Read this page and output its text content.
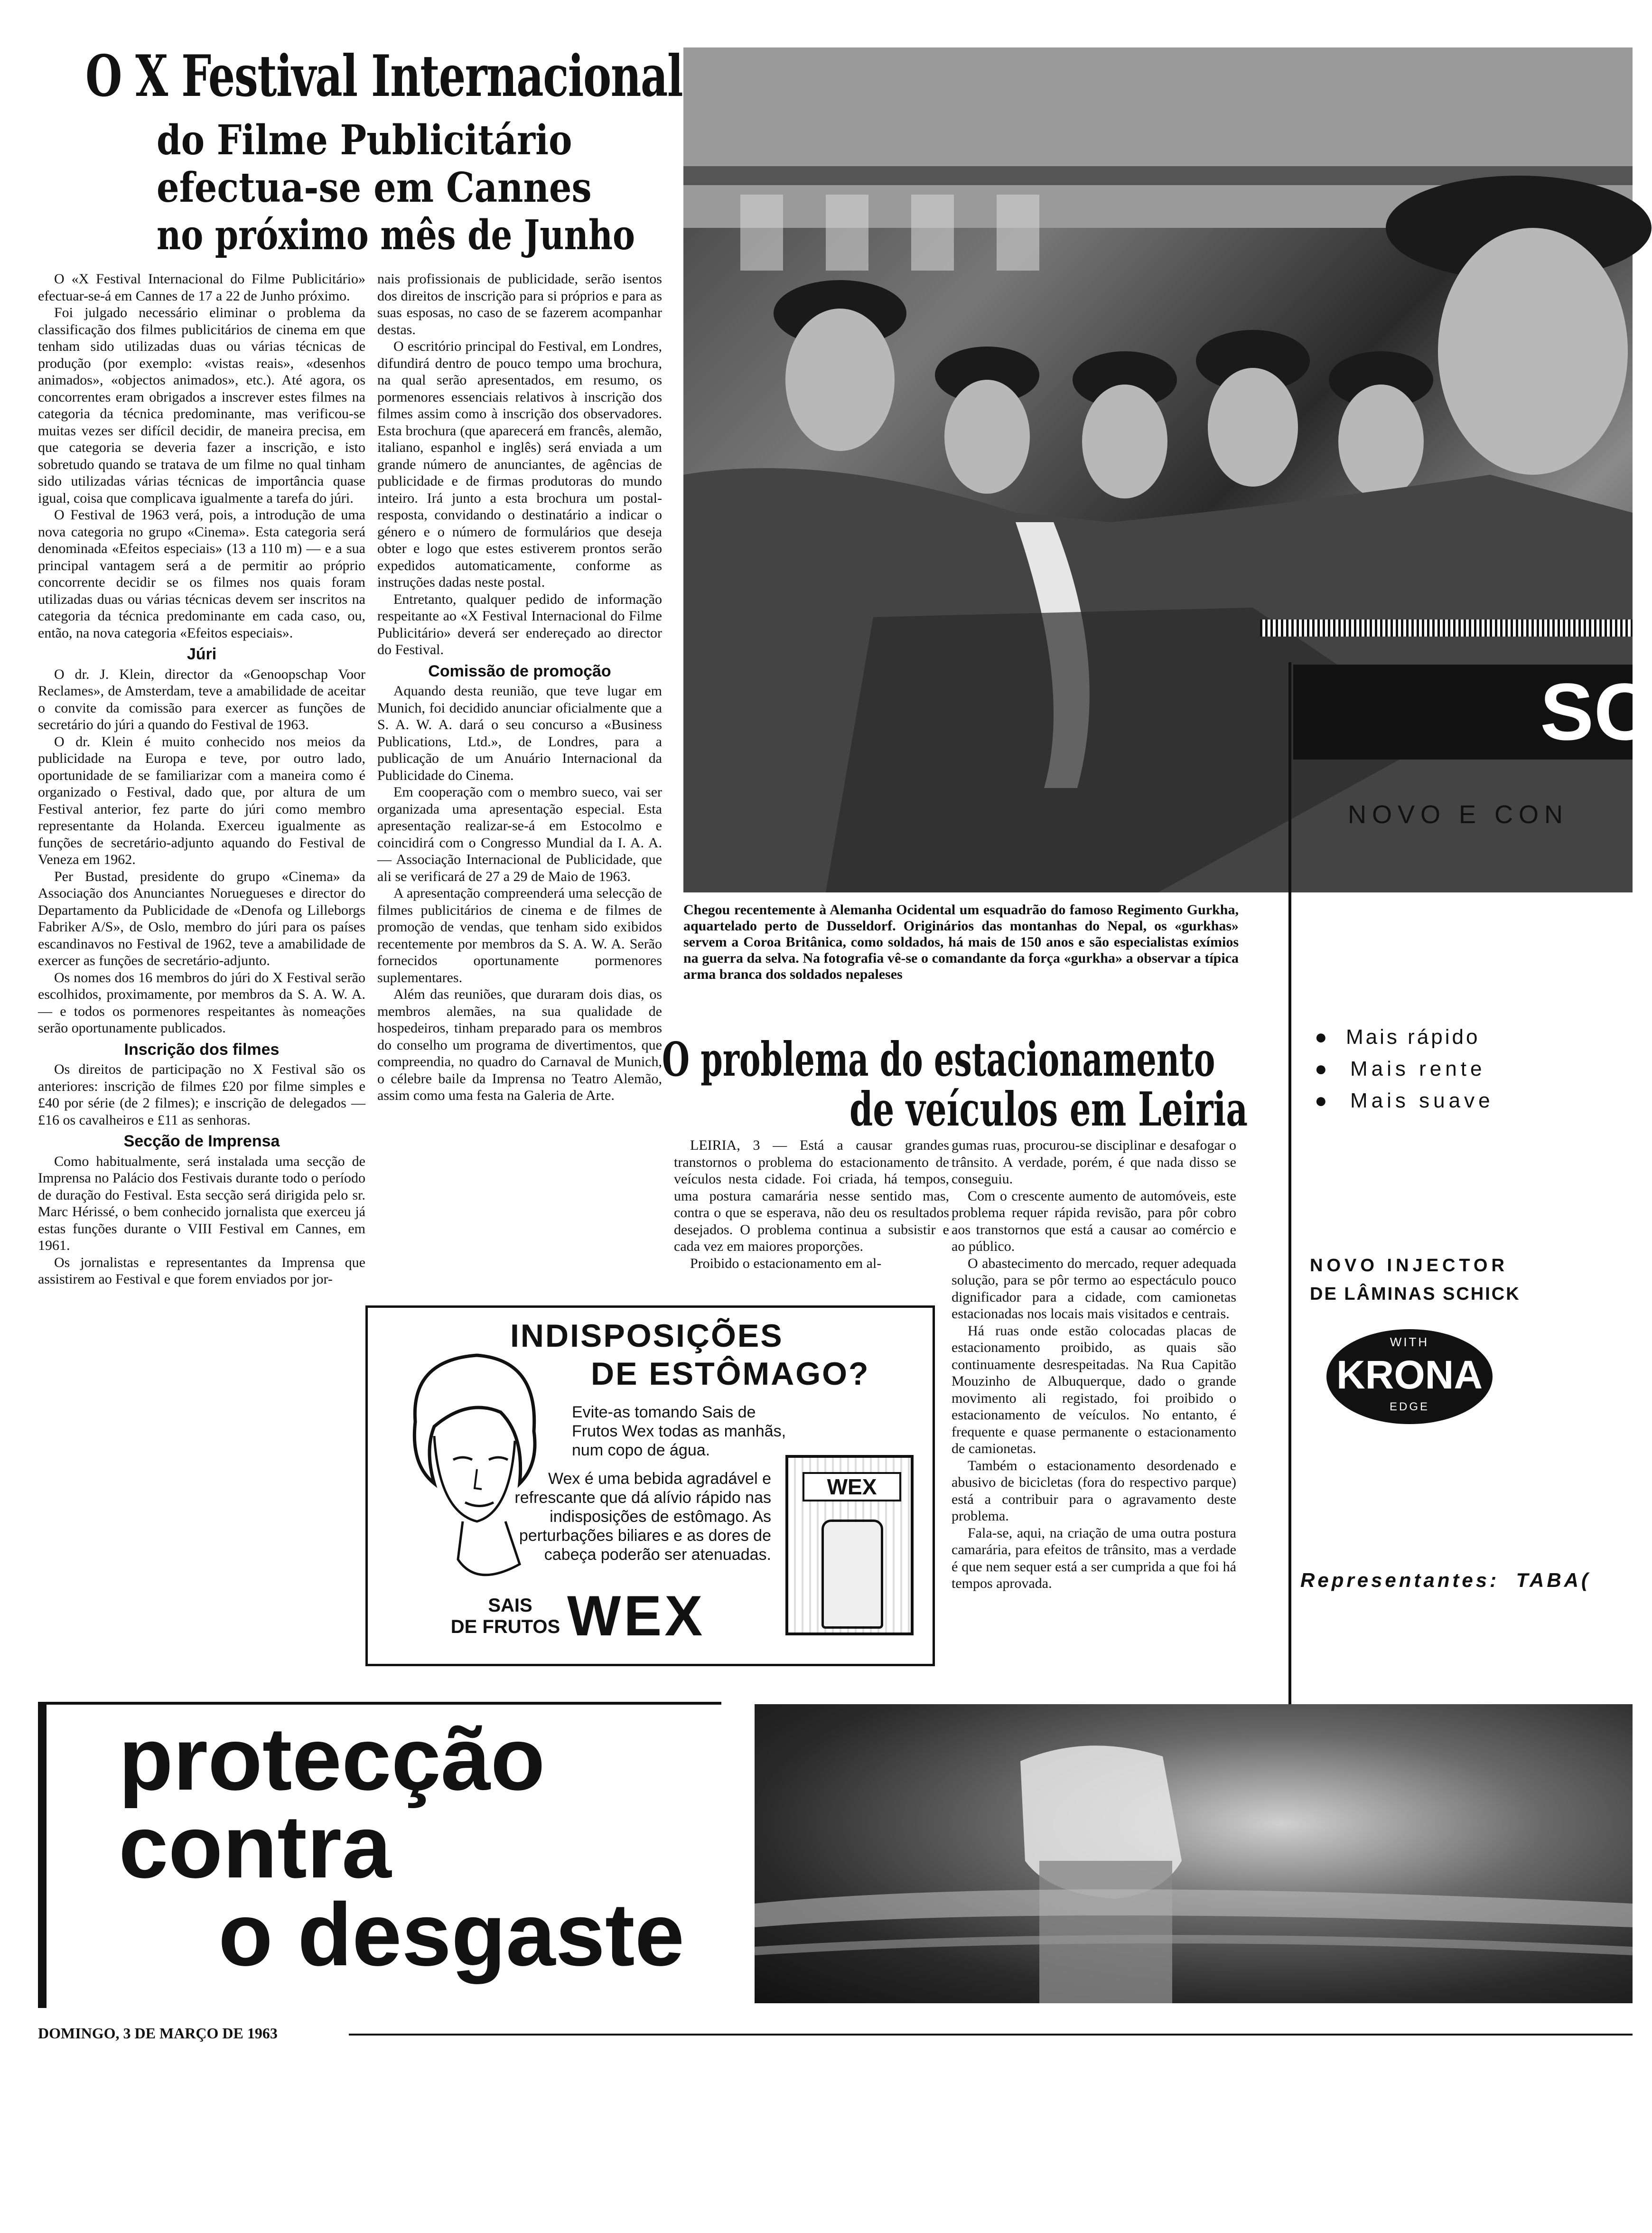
O X Festival Internacional
do Filme Publicitário
efectua-se em Cannes
no próximo mês de Junho

O «X Festival Internacional do Filme Publicitário» efectuar-se-á em Cannes de 17 a 22 de Junho próximo.

Foi julgado necessário eliminar o problema da classificação dos filmes publicitários de cinema em que tenham sido utilizadas duas ou várias técnicas de produção (por exemplo: «vistas reais», «desenhos animados», «objectos animados», etc.). Até agora, os concorrentes eram obrigados a inscrever estes filmes na categoria da técnica predominante, mas verificou-se muitas vezes ser difícil decidir, de maneira precisa, em que categoria se deveria fazer a inscrição, e isto sobretudo quando se tratava de um filme no qual tinham sido utilizadas várias técnicas de importância quase igual, coisa que complicava igualmente a tarefa do júri.

O Festival de 1963 verá, pois, a introdução de uma nova categoria no grupo «Cinema». Esta categoria será denominada «Efeitos especiais» (13 a 110 m) — e a sua principal vantagem será a de permitir ao próprio concorrente decidir se os filmes nos quais foram utilizadas duas ou várias técnicas devem ser inscritos na categoria da técnica predominante em cada caso, ou, então, na nova categoria «Efeitos especiais».

Júri

O dr. J. Klein, director da «Genoopschap Voor Reclames», de Amsterdam, teve a amabilidade de aceitar o convite da comissão para exercer as funções de secretário do júri a quando do Festival de 1963.

O dr. Klein é muito conhecido nos meios da publicidade na Europa e teve, por outro lado, oportunidade de se familiarizar com a maneira como é organizado o Festival, dado que, por altura de um Festival anterior, fez parte do júri como membro representante da Holanda. Exerceu igualmente as funções de secretário-adjunto aquando do Festival de Veneza em 1962.

Per Bustad, presidente do grupo «Cinema» da Associação dos Anunciantes Noruegueses e director do Departamento da Publicidade de «Denofa og Lilleborgs Fabriker A/S», de Oslo, membro do júri para os países escandinavos no Festival de 1962, teve a amabilidade de exercer as funções de secretário-adjunto.

Os nomes dos 16 membros do júri do X Festival serão escolhidos, proximamente, por membros da S. A. W. A. — e todos os pormenores respeitantes às nomeações serão oportunamente publicados.

Inscrição dos filmes

Os direitos de participação no X Festival são os anteriores: inscrição de filmes £20 por filme simples e £40 por série (de 2 filmes); e inscrição de delegados — £16 os cavalheiros e £11 as senhoras.

Secção de Imprensa

Como habitualmente, será instalada uma secção de Imprensa no Palácio dos Festivais durante todo o período de duração do Festival. Esta secção será dirigida pelo sr. Marc Hérissé, o bem conhecido jornalista que exerceu já estas funções durante o VIII Festival em Cannes, em 1961.

Os jornalistas e representantes da Imprensa que assistirem ao Festival e que forem enviados por jor-

nais profissionais de publicidade, serão isentos dos direitos de inscrição para si próprios e para as suas esposas, no caso de se fazerem acompanhar destas.

O escritório principal do Festival, em Londres, difundirá dentro de pouco tempo uma brochura, na qual serão apresentados, em resumo, os pormenores essenciais relativos à inscrição dos filmes assim como à inscrição dos observadores. Esta brochura (que aparecerá em francês, alemão, italiano, espanhol e inglês) será enviada a um grande número de anunciantes, de agências de publicidade e de firmas produtoras do mundo inteiro. Irá junto a esta brochura um postal-resposta, convidando o destinatário a indicar o género e o número de formulários que deseja obter e logo que estes estiverem prontos serão expedidos automaticamente, conforme as instruções dadas neste postal.

Entretanto, qualquer pedido de informação respeitante ao «X Festival Internacional do Filme Publicitário» deverá ser endereçado ao director do Festival.

Comissão de promoção

Aquando desta reunião, que teve lugar em Munich, foi decidido anunciar oficialmente que a S. A. W. A. dará o seu concurso a «Business Publications, Ltd.», de Londres, para a publicação de um Anuário Internacional da Publicidade do Cinema.

Em cooperação com o membro sueco, vai ser organizada uma apresentação especial. Esta apresentação realizar-se-á em Estocolmo e coincidirá com o Congresso Mundial da I. A. A. — Associação Internacional de Publicidade, que ali se verificará de 27 a 29 de Maio de 1963.

A apresentação compreenderá uma selecção de filmes publicitários de cinema e de filmes de promoção de vendas, que tenham sido exibidos recentemente por membros da S. A. W. A. Serão fornecidos oportunamente pormenores suplementares.

Além das reuniões, que duraram dois dias, os membros alemães, na sua qualidade de hospedeiros, tinham preparado para os membros do conselho um programa de divertimentos, que compreendia, no quadro do Carnaval de Munich, o célebre baile da Imprensa no Teatro Alemão, assim como uma festa na Galeria de Arte.

Chegou recentemente à Alemanha Ocidental um esquadrão do famoso Regimento Gurkha, aquartelado perto de Dusseldorf. Originários das montanhas do Nepal, os «gurkhas» servem a Coroa Britânica, como soldados, há mais de 150 anos e são especialistas exímios na guerra da selva. Na fotografia vê-se o comandante da força «gurkha» a observar a típica arma branca dos soldados nepaleses
O problema do estacionamento
de veículos em Leiria

LEIRIA, 3 — Está a causar grandes transtornos o problema do estacionamento de veículos nesta cidade. Foi criada, há tempos, uma postura camarária nesse sentido mas, contra o que se esperava, não deu os resultados desejados. O problema continua a subsistir e cada vez em maiores proporções.

Proibido o estacionamento em al-

gumas ruas, procurou-se disciplinar e desafogar o trânsito. A verdade, porém, é que nada disso se conseguiu.

Com o crescente aumento de automóveis, este problema requer rápida revisão, para pôr cobro aos transtornos que está a causar ao comércio e ao público.

O abastecimento do mercado, requer adequada solução, para se pôr termo ao espectáculo pouco dignificador para a cidade, com camionetas estacionadas nos locais mais visitados e centrais.

Há ruas onde estão colocadas placas de estacionamento proibido, as quais são continuamente desrespeitadas. Na Rua Capitão Mouzinho de Albuquerque, dado o grande movimento ali registado, foi proibido o estacionamento de veículos. No entanto, é frequente e quase permanente o estacionamento de camionetas.

Também o estacionamento desordenado e abusivo de bicicletas (fora do respectivo parque) está a contribuir para o agravamento deste problema.

Fala-se, aqui, na criação de uma outra postura camarária, para efeitos de trânsito, mas a verdade é que nem sequer está a ser cumprida a que foi há tempos aprovada.

INDISPOSIÇÕES
DE ESTÔMAGO?
Evite-as tomando Sais de Frutos Wex todas as manhãs, num copo de água.
Wex é uma bebida agradável e refrescante que dá alívio rápido nas indisposições de estômago. As perturbações biliares e as dores de cabeça poderão ser atenuadas.
SAIS
DE FRUTOS WEX
WEX
SC
NOVO E CON
●  Mais rápido
●  Mais rente
●  Mais suave
NOVO INJECTOR
DE LÂMINAS SCHICK
WITH
KRONA
EDGE
Representantes: TABA(
protecção
contra
o desgaste
DOMINGO, 3 DE MARÇO DE 1963
